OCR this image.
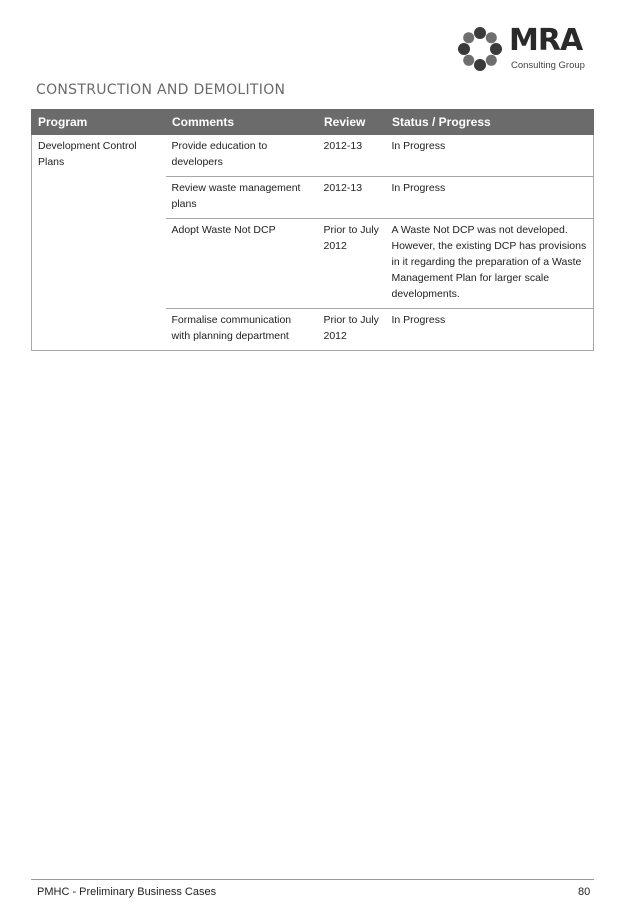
MRA
Consulting Group
CONSTRUCTION AND DEMOLITION
Program	Comments	Review	Status / Progress
Development Control Plans	Provide education to developers	2012-13	In Progress
	Review waste management plans	2012-13	In Progress
	Adopt Waste Not DCP	Prior to July 2012	A Waste Not DCP was not developed. However, the existing DCP has provisions in it regarding the preparation of a Waste Management Plan for larger scale developments.
	Formalise communication with planning department	Prior to July 2012	In Progress
PMHC - Preliminary Business Cases	80
